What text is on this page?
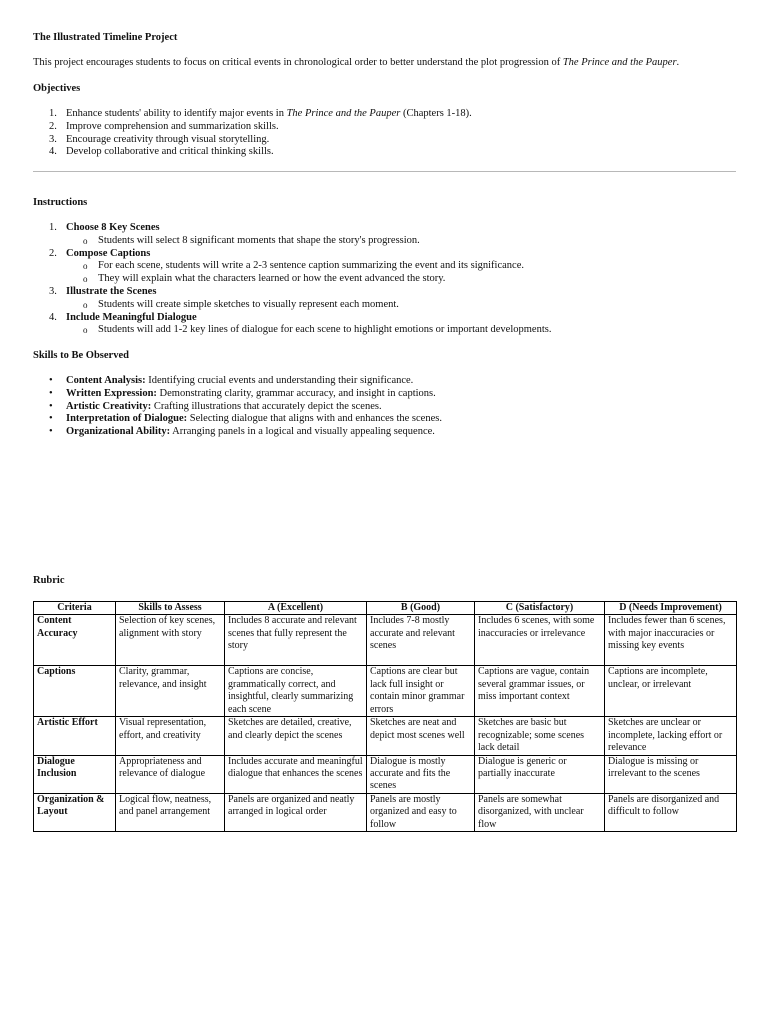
The Illustrated Timeline Project
This project encourages students to focus on critical events in chronological order to better understand the plot progression of The Prince and the Pauper.
Objectives
1. Enhance students' ability to identify major events in The Prince and the Pauper (Chapters 1-18).
2. Improve comprehension and summarization skills.
3. Encourage creativity through visual storytelling.
4. Develop collaborative and critical thinking skills.
Instructions
1. Choose 8 Key Scenes
o Students will select 8 significant moments that shape the story's progression.
2. Compose Captions
o For each scene, students will write a 2-3 sentence caption summarizing the event and its significance.
o They will explain what the characters learned or how the event advanced the story.
3. Illustrate the Scenes
o Students will create simple sketches to visually represent each moment.
4. Include Meaningful Dialogue
o Students will add 1-2 key lines of dialogue for each scene to highlight emotions or important developments.
Skills to Be Observed
• Content Analysis: Identifying crucial events and understanding their significance.
• Written Expression: Demonstrating clarity, grammar accuracy, and insight in captions.
• Artistic Creativity: Crafting illustrations that accurately depict the scenes.
• Interpretation of Dialogue: Selecting dialogue that aligns with and enhances the scenes.
• Organizational Ability: Arranging panels in a logical and visually appealing sequence.
Rubric
Criteria	Skills to Assess	A (Excellent)	B (Good)	C (Satisfactory)	D (Needs Improvement)
Content Accuracy	Selection of key scenes, alignment with story	Includes 8 accurate and relevant scenes that fully represent the story	Includes 7-8 mostly accurate and relevant scenes	Includes 6 scenes, with some inaccuracies or irrelevance	Includes fewer than 6 scenes, with major inaccuracies or missing key events
Captions	Clarity, grammar, relevance, and insight	Captions are concise, grammatically correct, and insightful, clearly summarizing each scene	Captions are clear but lack full insight or contain minor grammar errors	Captions are vague, contain several grammar issues, or miss important context	Captions are incomplete, unclear, or irrelevant
Artistic Effort	Visual representation, effort, and creativity	Sketches are detailed, creative, and clearly depict the scenes	Sketches are neat and depict most scenes well	Sketches are basic but recognizable; some scenes lack detail	Sketches are unclear or incomplete, lacking effort or relevance
Dialogue Inclusion	Appropriateness and relevance of dialogue	Includes accurate and meaningful dialogue that enhances the scenes	Dialogue is mostly accurate and fits the scenes	Dialogue is generic or partially inaccurate	Dialogue is missing or irrelevant to the scenes
Organization & Layout	Logical flow, neatness, and panel arrangement	Panels are organized and neatly arranged in logical order	Panels are mostly organized and easy to follow	Panels are somewhat disorganized, with unclear flow	Panels are disorganized and difficult to follow
